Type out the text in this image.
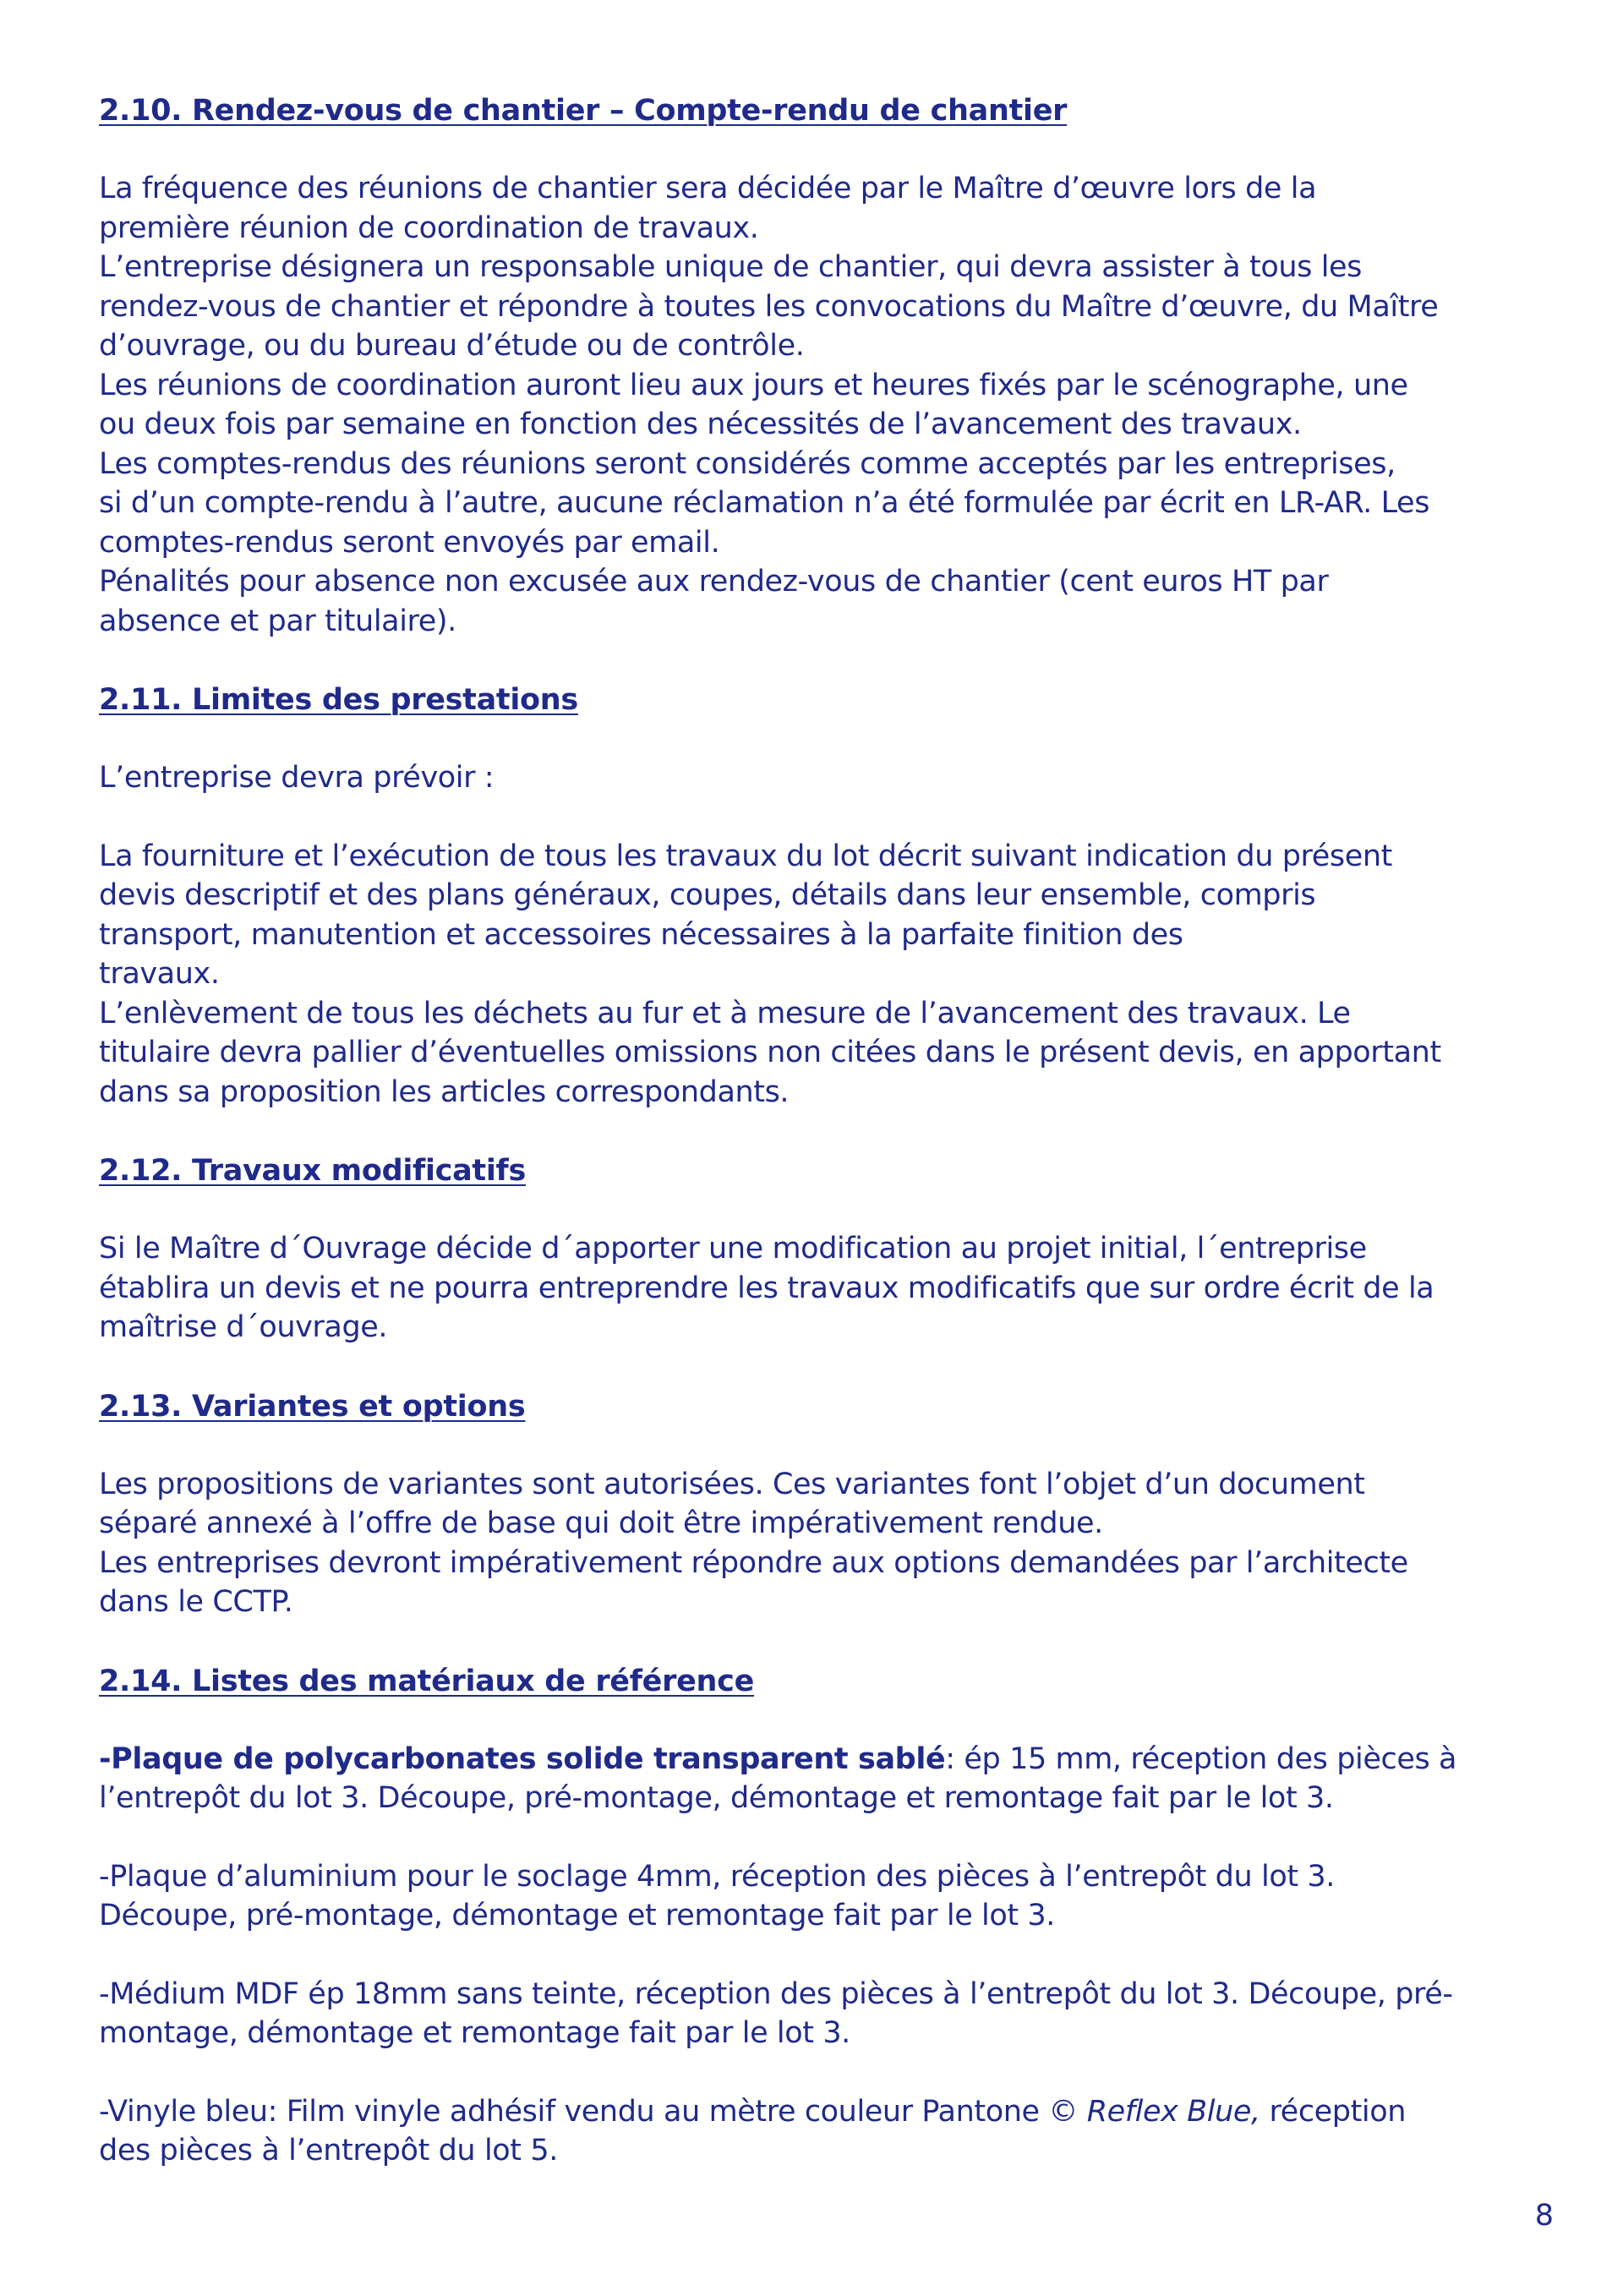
2.10. Rendez-vous de chantier – Compte-rendu de chantier

La fréquence des réunions de chantier sera décidée par le Maître d’œuvre lors de la

première réunion de coordination de travaux.

L’entreprise désignera un responsable unique de chantier, qui devra assister à tous les

rendez-vous de chantier et répondre à toutes les convocations du Maître d’œuvre, du Maître

d’ouvrage, ou du bureau d’étude ou de contrôle.

Les réunions de coordination auront lieu aux jours et heures fixés par le scénographe, une

ou deux fois par semaine en fonction des nécessités de l’avancement des travaux.

Les comptes-rendus des réunions seront considérés comme acceptés par les entreprises,

si d’un compte-rendu à l’autre, aucune réclamation n’a été formulée par écrit en LR-AR. Les

comptes-rendus seront envoyés par email.

Pénalités pour absence non excusée aux rendez-vous de chantier (cent euros HT par

absence et par titulaire).

2.11. Limites des prestations

L’entreprise devra prévoir :

La fourniture et l’exécution de tous les travaux du lot décrit suivant indication du présent

devis descriptif et des plans généraux, coupes, détails dans leur ensemble, compris

transport, manutention et accessoires nécessaires à la parfaite finition des

travaux.

L’enlèvement de tous les déchets au fur et à mesure de l’avancement des travaux. Le

titulaire devra pallier d’éventuelles omissions non citées dans le présent devis, en apportant

dans sa proposition les articles correspondants.

2.12. Travaux modificatifs

Si le Maître d´Ouvrage décide d´apporter une modification au projet initial, l´entreprise

établira un devis et ne pourra entreprendre les travaux modificatifs que sur ordre écrit de la

maîtrise d´ouvrage.

2.13. Variantes et options

Les propositions de variantes sont autorisées. Ces variantes font l’objet d’un document

séparé annexé à l’offre de base qui doit être impérativement rendue.

Les entreprises devront impérativement répondre aux options demandées par l’architecte

dans le CCTP.

2.14. Listes des matériaux de référence

-Plaque de polycarbonates solide transparent sablé: ép 15 mm, réception des pièces à

l’entrepôt du lot 3. Découpe, pré-montage, démontage et remontage fait par le lot 3.

-Plaque d’aluminium pour le soclage 4mm, réception des pièces à l’entrepôt du lot 3.

Découpe, pré-montage, démontage et remontage fait par le lot 3.

-Médium MDF ép 18mm sans teinte, réception des pièces à l’entrepôt du lot 3. Découpe, pré-

montage, démontage et remontage fait par le lot 3.

-Vinyle bleu: Film vinyle adhésif vendu au mètre couleur Pantone © Reflex Blue, réception

des pièces à l’entrepôt du lot 5.

8
